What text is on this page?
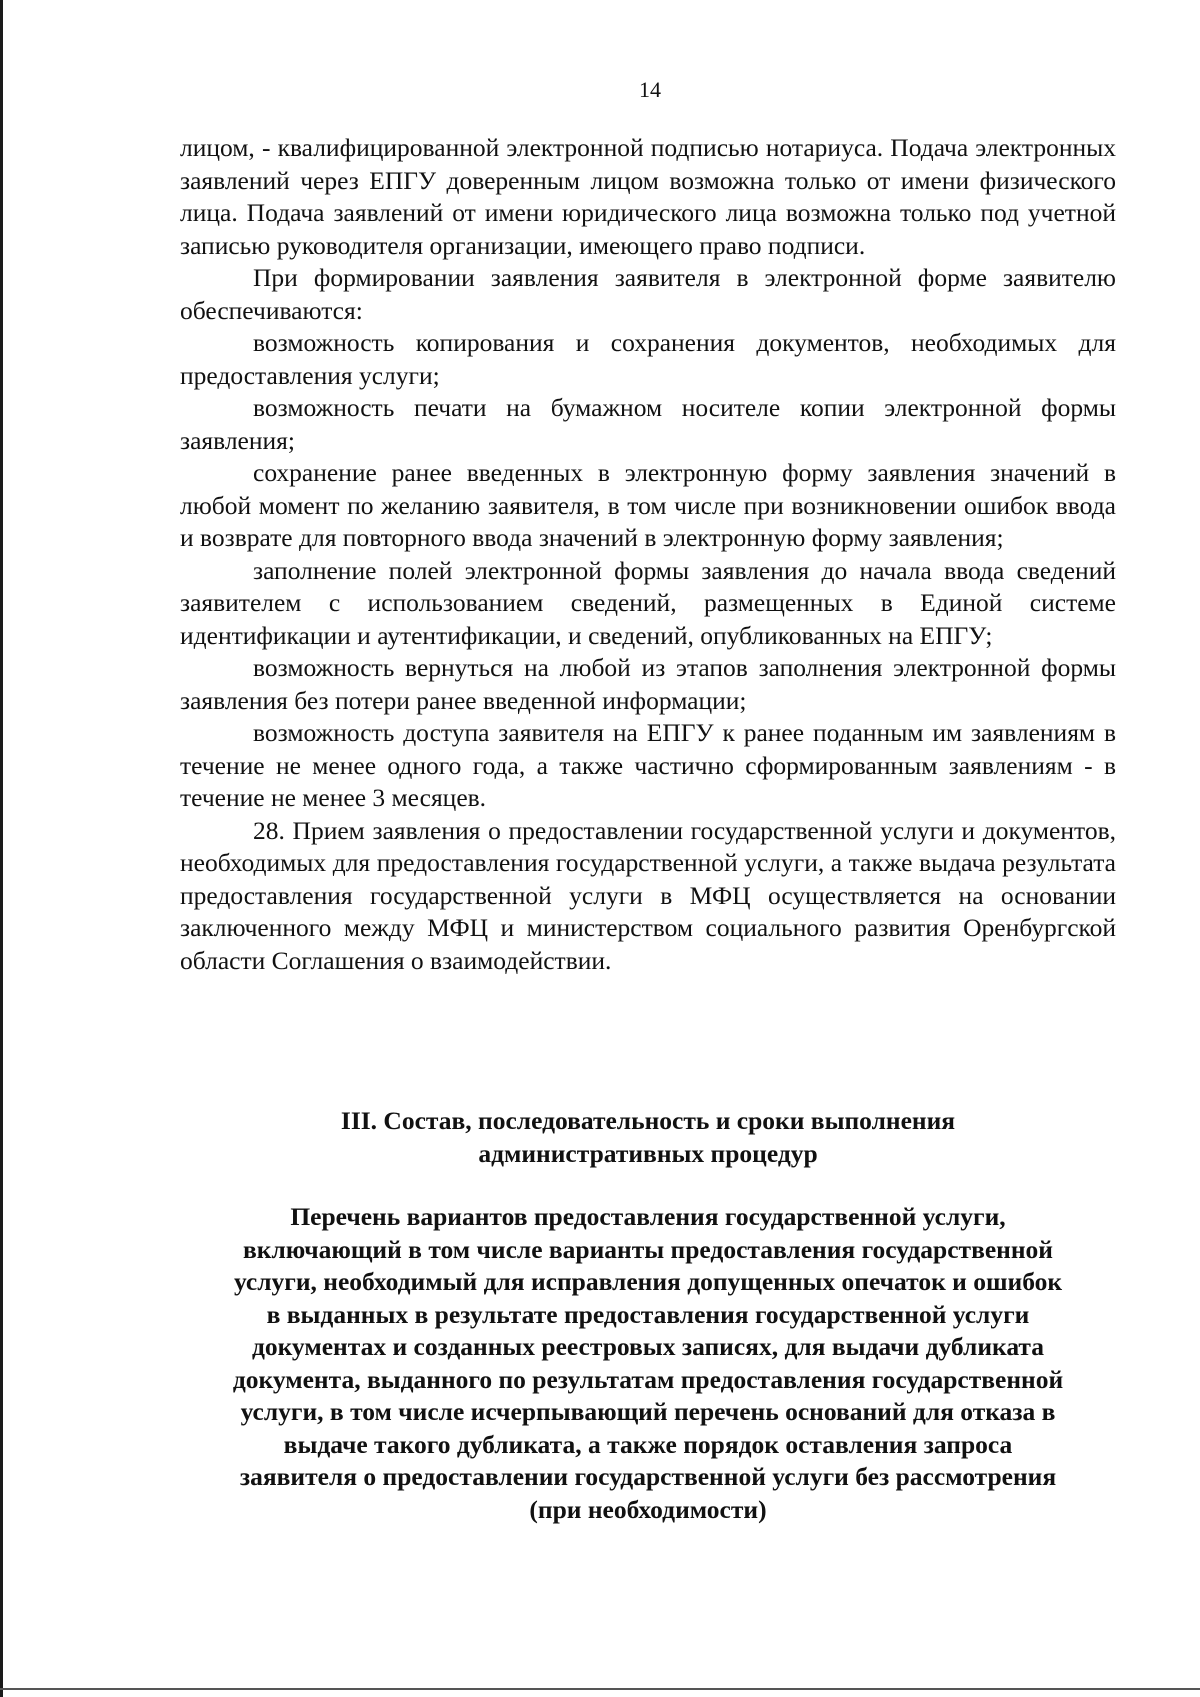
14

лицом, - квалифицированной электронной подписью нотариуса. Подача электронных заявлений через ЕПГУ доверенным лицом возможна только от имени физического лица. Подача заявлений от имени юридического лица возможна только под учетной записью руководителя организации, имеющего право подписи.

При формировании заявления заявителя в электронной форме заявителю обеспечиваются:

возможность копирования и сохранения документов, необходимых для предоставления услуги;

возможность печати на бумажном носителе копии электронной формы заявления;

сохранение ранее введенных в электронную форму заявления значений в любой момент по желанию заявителя, в том числе при возникновении ошибок ввода и возврате для повторного ввода значений в электронную форму заявления;

заполнение полей электронной формы заявления до начала ввода сведений заявителем с использованием сведений, размещенных в Единой системе идентификации и аутентификации, и сведений, опубликованных на ЕПГУ;

возможность вернуться на любой из этапов заполнения электронной формы заявления без потери ранее введенной информации;

возможность доступа заявителя на ЕПГУ к ранее поданным им заявлениям в течение не менее одного года, а также частично сформированным заявлениям - в течение не менее 3 месяцев.

28. Прием заявления о предоставлении государственной услуги и документов, необходимых для предоставления государственной услуги, а также выдача результата предоставления государственной услуги в МФЦ осуществляется на основании заключенного между МФЦ и министерством социального развития Оренбургской области Соглашения о взаимодействии.

III. Состав, последовательность и сроки выполнения
административных процедур
Перечень вариантов предоставления государственной услуги,
включающий в том числе варианты предоставления государственной
услуги, необходимый для исправления допущенных опечаток и ошибок
в выданных в результате предоставления государственной услуги
документах и созданных реестровых записях, для выдачи дубликата
документа, выданного по результатам предоставления государственной
услуги, в том числе исчерпывающий перечень оснований для отказа в
выдаче такого дубликата, а также порядок оставления запроса
заявителя о предоставлении государственной услуги без рассмотрения
(при необходимости)
